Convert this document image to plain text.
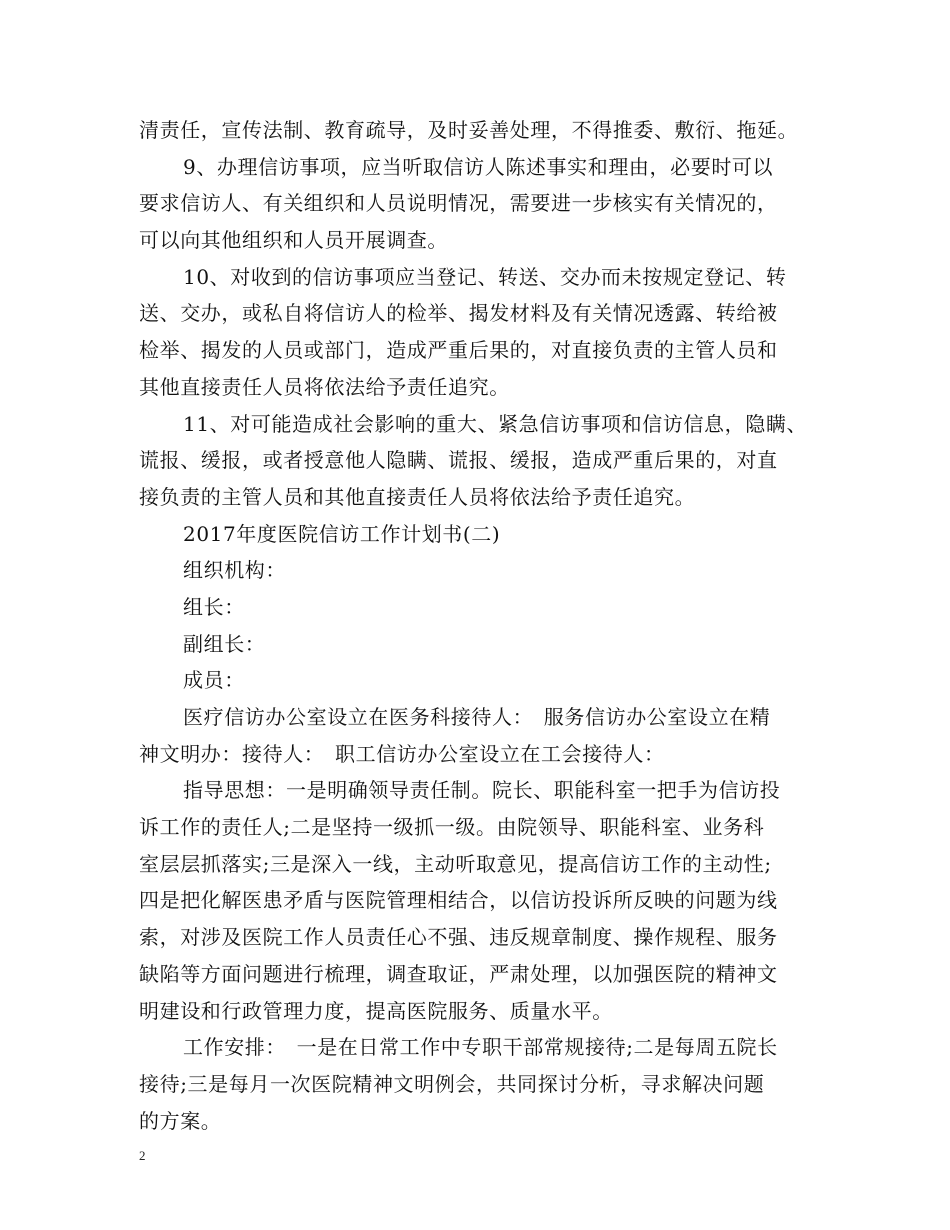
清责任，宣传法制、教育疏导，及时妥善处理，不得推委、敷衍、拖延。
9、办理信访事项，应当听取信访人陈述事实和理由，必要时可以
要求信访人、有关组织和人员说明情况，需要进一步核实有关情况的，
可以向其他组织和人员开展调查。
10、对收到的信访事项应当登记、转送、交办而未按规定登记、转
送、交办，或私自将信访人的检举、揭发材料及有关情况透露、转给被
检举、揭发的人员或部门，造成严重后果的，对直接负责的主管人员和
其他直接责任人员将依法给予责任追究。
11、对可能造成社会影响的重大、紧急信访事项和信访信息，隐瞒、
谎报、缓报，或者授意他人隐瞒、谎报、缓报，造成严重后果的，对直
接负责的主管人员和其他直接责任人员将依法给予责任追究。
2017年度医院信访工作计划书(二)
组织机构：
组长：
副组长：
成员：
医疗信访办公室设立在医务科接待人：　服务信访办公室设立在精
神文明办：接待人：　职工信访办公室设立在工会接待人：
指导思想：一是明确领导责任制。院长、职能科室一把手为信访投
诉工作的责任人;二是坚持一级抓一级。由院领导、职能科室、业务科
室层层抓落实;三是深入一线，主动听取意见，提高信访工作的主动性;
四是把化解医患矛盾与医院管理相结合，以信访投诉所反映的问题为线
索，对涉及医院工作人员责任心不强、违反规章制度、操作规程、服务
缺陷等方面问题进行梳理，调查取证，严肃处理，以加强医院的精神文
明建设和行政管理力度，提高医院服务、质量水平。
工作安排：　一是在日常工作中专职干部常规接待;二是每周五院长
接待;三是每月一次医院精神文明例会，共同探讨分析，寻求解决问题
的方案。
2
